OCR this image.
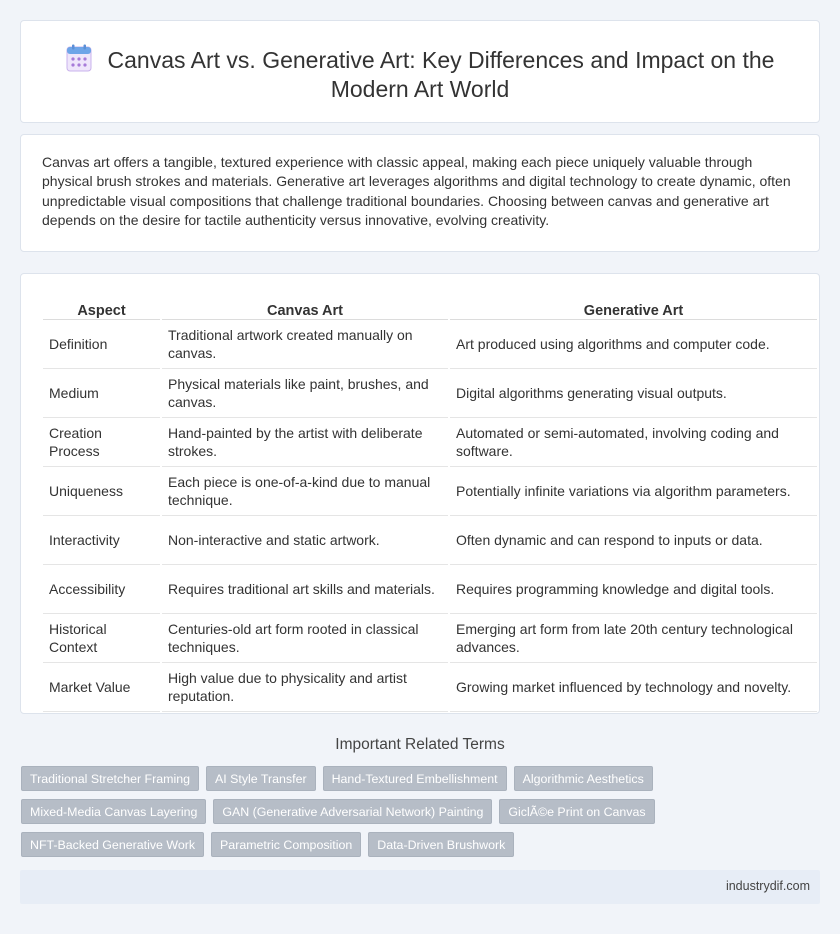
Canvas Art vs. Generative Art: Key Differences and Impact on the Modern Art World

Canvas art offers a tangible, textured experience with classic appeal, making each piece uniquely valuable through physical brush strokes and materials. Generative art leverages algorithms and digital technology to create dynamic, often unpredictable visual compositions that challenge traditional boundaries. Choosing between canvas and generative art depends on the desire for tactile authenticity versus innovative, evolving creativity.

Aspect	Canvas Art	Generative Art
Definition	Traditional artwork created manually on canvas.	Art produced using algorithms and computer code.
Medium	Physical materials like paint, brushes, and canvas.	Digital algorithms generating visual outputs.
Creation Process	Hand-painted by the artist with deliberate strokes.	Automated or semi-automated, involving coding and software.
Uniqueness	Each piece is one-of-a-kind due to manual technique.	Potentially infinite variations via algorithm parameters.
Interactivity	Non-interactive and static artwork.	Often dynamic and can respond to inputs or data.
Accessibility	Requires traditional art skills and materials.	Requires programming knowledge and digital tools.
Historical Context	Centuries-old art form rooted in classical techniques.	Emerging art form from late 20th century technological advances.
Market Value	High value due to physicality and artist reputation.	Growing market influenced by technology and novelty.
Important Related Terms
Traditional Stretcher Framing	AI Style Transfer	Hand-Textured Embellishment	Algorithmic Aesthetics
Mixed-Media Canvas Layering	GAN (Generative Adversarial Network) Painting	GiclÃ©e Print on Canvas
NFT-Backed Generative Work	Parametric Composition	Data-Driven Brushwork
industrydif.com
